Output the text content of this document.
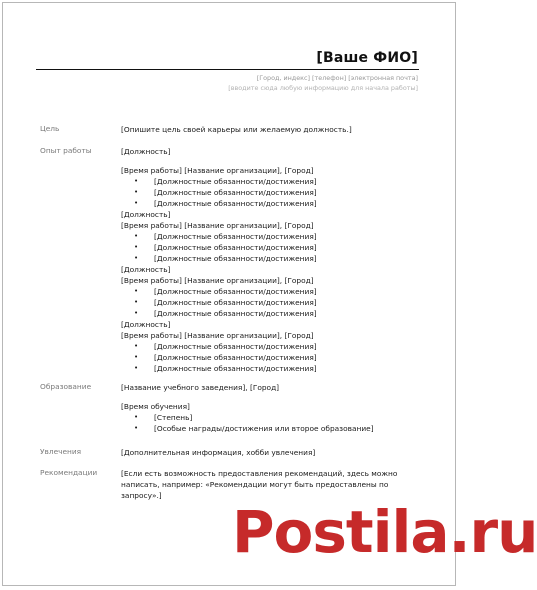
[Ваше ФИО]
[Город, индекс] [телефон] [электронная почта]
[вводите сюда любую информацию для начала работы]
Цель	[Опишите цель своей карьеры или желаемую должность.]
Опыт работы	[Должность]
[Время работы] [Название организации], [Город]
• [Должностные обязанности/достижения]
• [Должностные обязанности/достижения]
• [Должностные обязанности/достижения]
[Должность]
[Время работы] [Название организации], [Город]
• [Должностные обязанности/достижения]
• [Должностные обязанности/достижения]
• [Должностные обязанности/достижения]
[Должность]
[Время работы] [Название организации], [Город]
• [Должностные обязанности/достижения]
• [Должностные обязанности/достижения]
• [Должностные обязанности/достижения]
[Должность]
[Время работы] [Название организации], [Город]
• [Должностные обязанности/достижения]
• [Должностные обязанности/достижения]
• [Должностные обязанности/достижения]
Образование	[Название учебного заведения], [Город]
[Время обучения]
• [Степень]
• [Особые награды/достижения или второе образование]
Увлечения	[Дополнительная информация, хобби увлечения]
Рекомендации	[Если есть возможность предоставления рекомендаций, здесь можно написать, например: «Рекомендации могут быть предоставлены по запросу».]
Postila.ru
